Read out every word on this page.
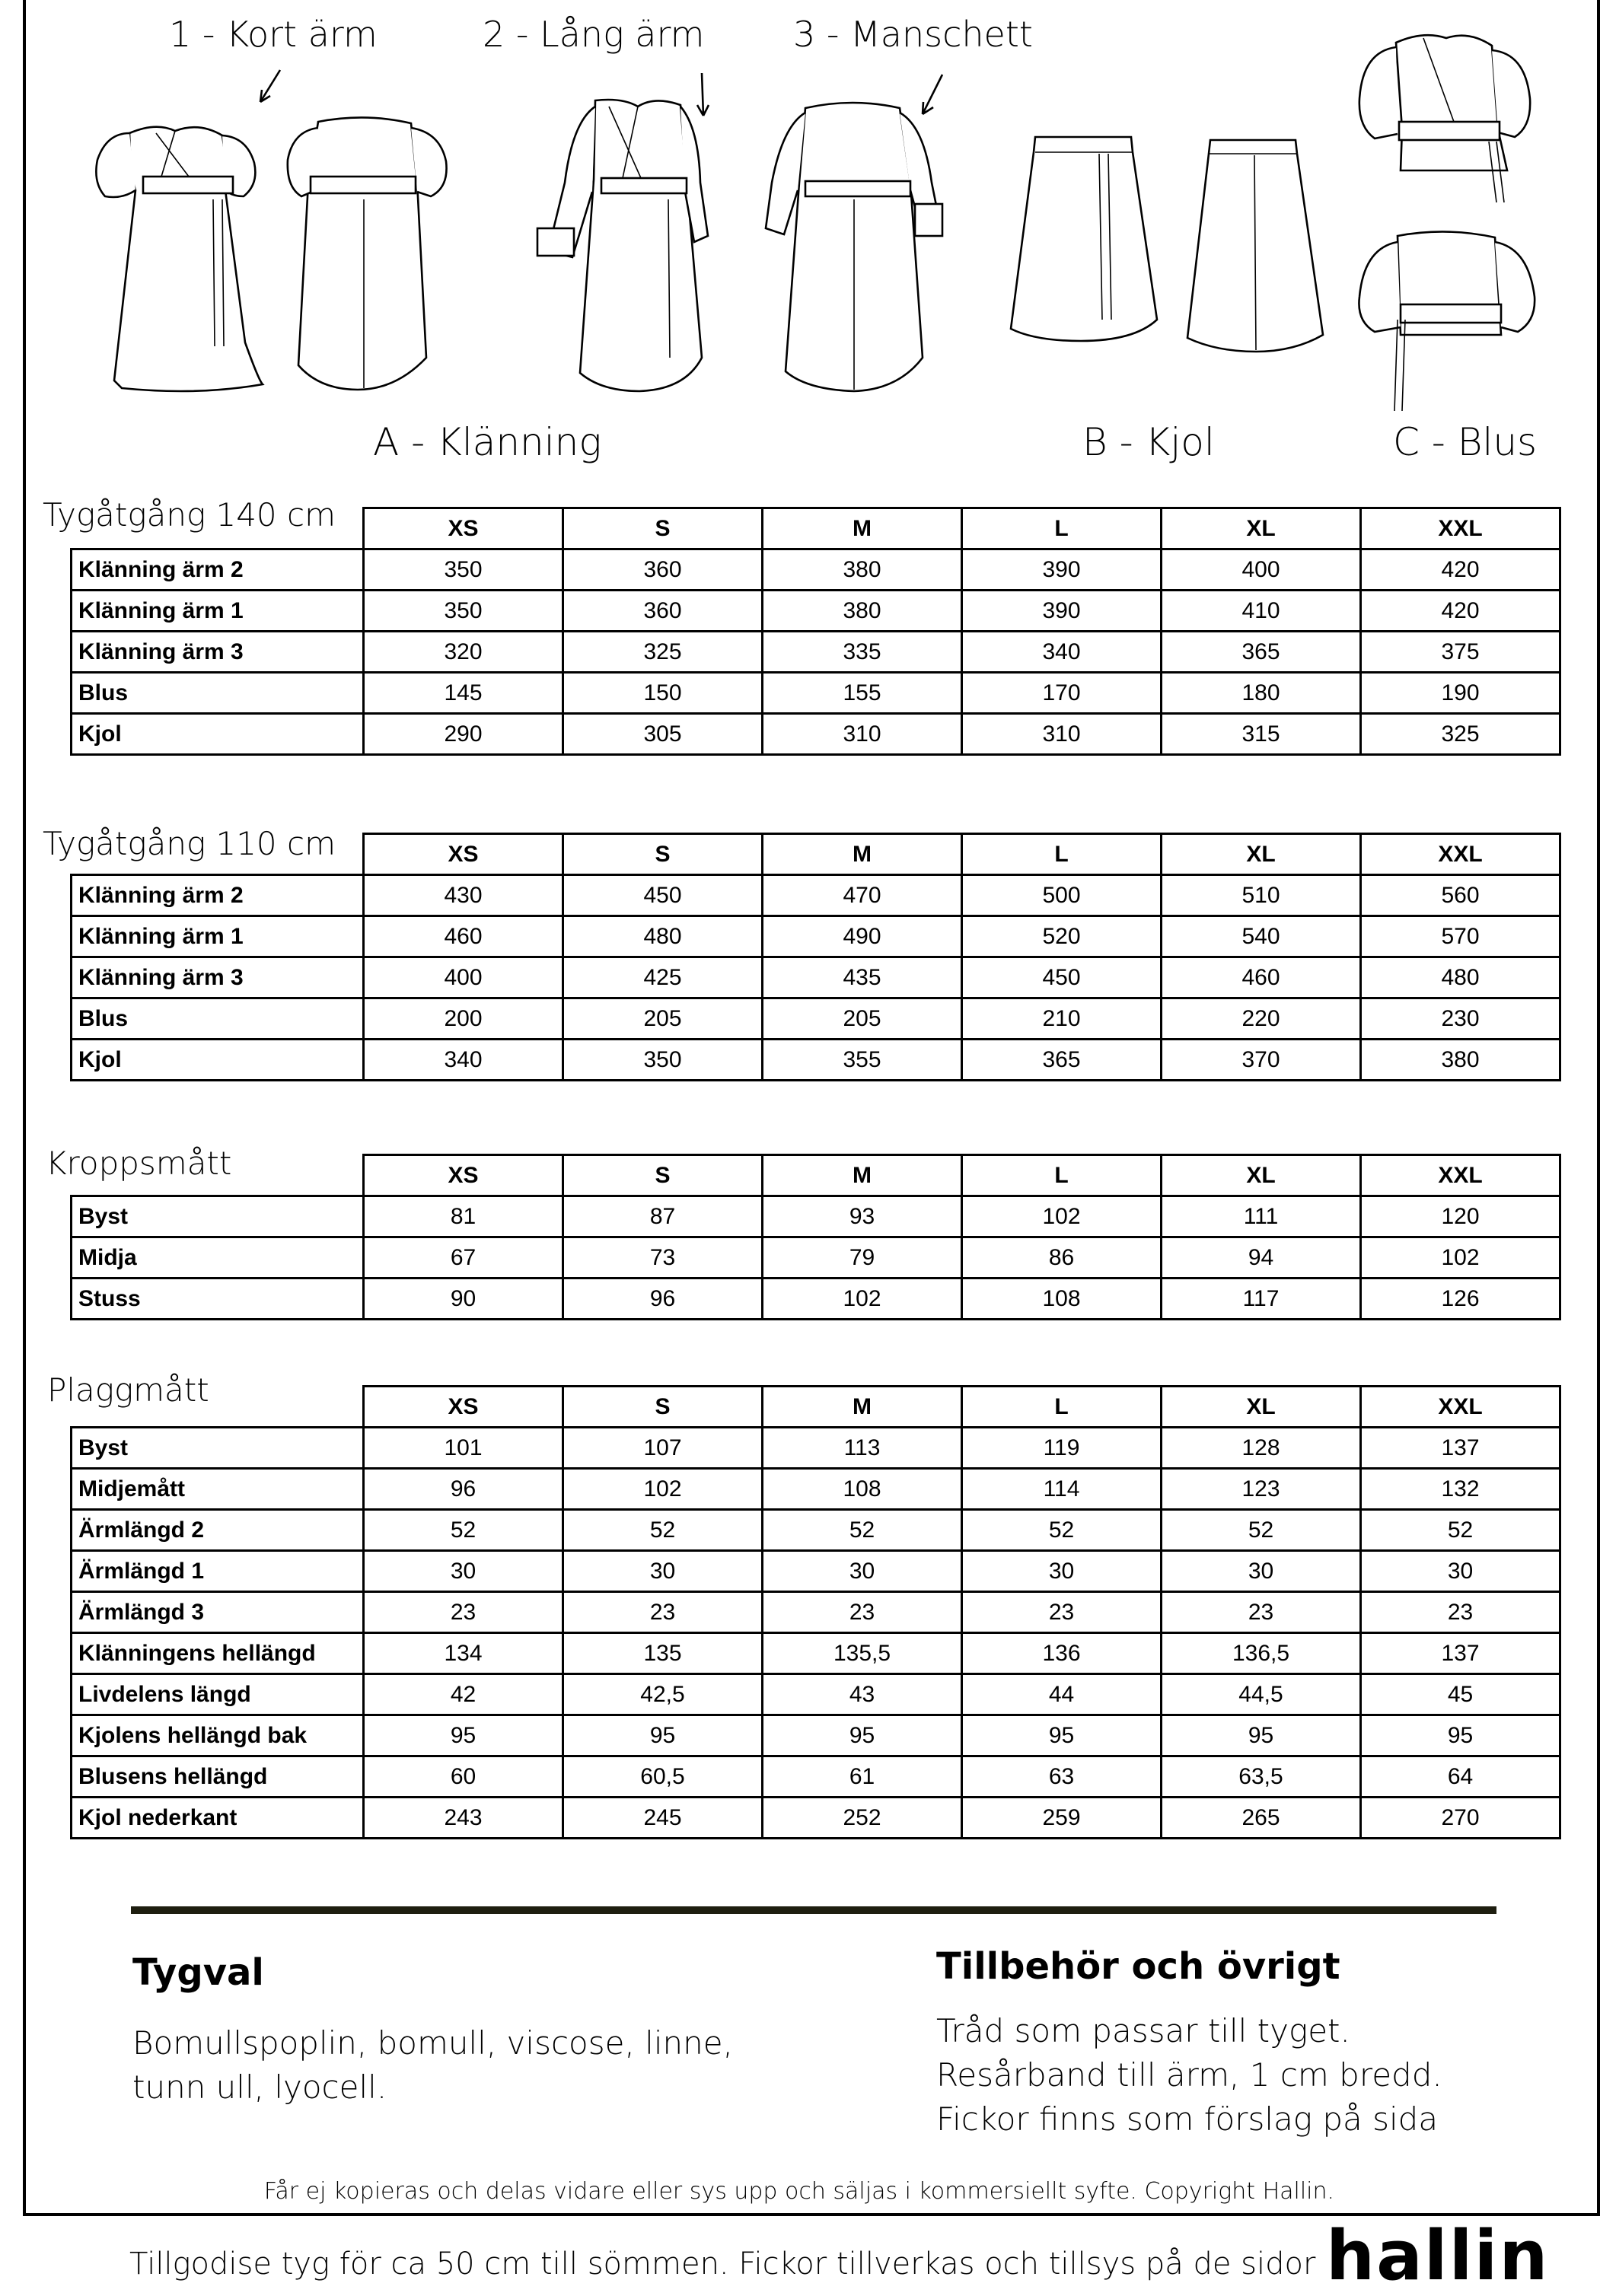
1 - Kort ärm	2 - Lång ärm	3 - Manschett
A - Klänning	B - Kjol	C - Blus
Tygåtgång 140 cm
Tygåtgång 110 cm
Kroppsmått
Plaggmått
	XS	S	M	L	XL	XXL
Klänning ärm 2	350	360	380	390	400	420
Klänning ärm 1	350	360	380	390	410	420
Klänning ärm 3	320	325	335	340	365	375
Blus	145	150	155	170	180	190
Kjol	290	305	310	310	315	325
	XS	S	M	L	XL	XXL
Klänning ärm 2	430	450	470	500	510	560
Klänning ärm 1	460	480	490	520	540	570
Klänning ärm 3	400	425	435	450	460	480
Blus	200	205	205	210	220	230
Kjol	340	350	355	365	370	380
	XS	S	M	L	XL	XXL
Byst	81	87	93	102	111	120
Midja	67	73	79	86	94	102
Stuss	90	96	102	108	117	126
	XS	S	M	L	XL	XXL
Byst	101	107	113	119	128	137
Midjemått	96	102	108	114	123	132
Ärmlängd 2	52	52	52	52	52	52
Ärmlängd 1	30	30	30	30	30	30
Ärmlängd 3	23	23	23	23	23	23
Klänningens hellängd	134	135	135,5	136	136,5	137
Livdelens längd	42	42,5	43	44	44,5	45
Kjolens hellängd bak	95	95	95	95	95	95
Blusens hellängd	60	60,5	61	63	63,5	64
Kjol nederkant	243	245	252	259	265	270
Tygval
Bomullspoplin, bomull, viscose, linne,
tunn ull, lyocell.
Tillbehör och övrigt
Tråd som passar till tyget.
Resårband till ärm, 1 cm bredd.
Fickor finns som förslag på sida
Får ej kopieras och delas vidare eller sys upp och säljas i kommersiellt syfte. Copyright Hallin.
Tillgodise tyg för ca 50 cm till sömmen. Fickor tillverkas och tillsys på de sidor hallin
